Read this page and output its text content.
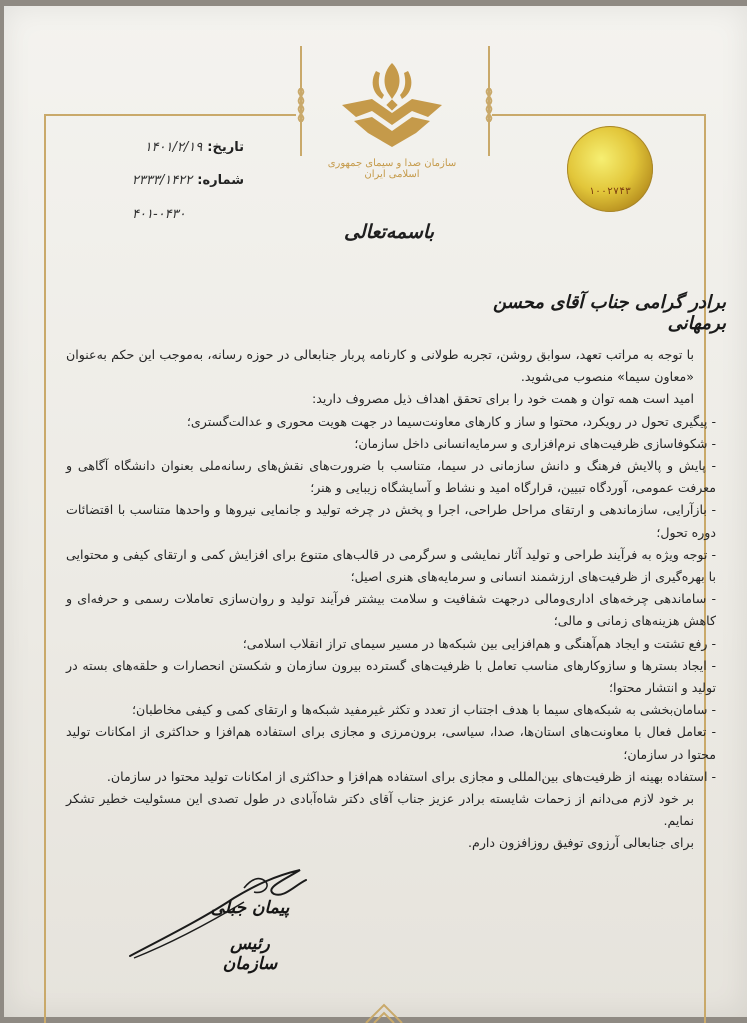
سازمان صدا و سیمای جمهوری اسلامی ایران
تاریخ: ۱۴۰۱/۲/۱۹
شماره: ۲۳۳۳/۱۴۲۲
۴۰۱-۰۴۳۰
۱۰۰۲۷۴۳
باسمه‌تعالی
برادر گرامی جناب آقای محسن برمهانی

با توجه به مراتب تعهد، سوابق روشن، تجربه طولانی و کارنامه پربار جنابعالی در حوزه رسانه، به‌موجب این حکم به‌عنوان «معاون سیما» منصوب می‌شوید.

امید است همه توان و همت خود را برای تحقق اهداف ذیل مصروف دارید:

- پیگیری تحول در رویکرد، محتوا و ساز و کارهای معاونت‌سیما در جهت هویت محوری و عدالت‌گستری؛

- شکوفاسازی ظرفیت‌های نرم‌افزاری و سرمایه‌انسانی داخل سازمان؛

- پایش و پالایش فرهنگ و دانش سازمانی در سیما، متناسب با ضرورت‌های نقش‌های رسانه‌ملی بعنوان دانشگاه آگاهی و معرفت عمومی، آوردگاه تبیین، قرارگاه امید و نشاط و آسایشگاه زیبایی و هنر؛

- بازآرایی، سازماندهی و ارتقای مراحل طراحی، اجرا و پخش در چرخه تولید و جانمایی نیروها و واحدها متناسب با اقتضائات دوره تحول؛

- توجه ویژه به فرآیند طراحی و تولید آثار نمایشی و سرگرمی در قالب‌های متنوع برای افزایش کمی و ارتقای کیفی و محتوایی با بهره‌گیری از ظرفیت‌های ارزشمند انسانی و سرمایه‌های هنری اصیل؛

- ساماندهی چرخه‌های اداری‌ومالی درجهت شفافیت و سلامت بیشتر فرآیند تولید و روان‌سازی تعاملات رسمی و حرفه‌ای و کاهش هزینه‌های زمانی و مالی؛

- رفع تشتت و ایجاد هم‌آهنگی و هم‌افزایی بین شبکه‌ها در مسیر سیمای تراز انقلاب اسلامی؛

- ایجاد بسترها و سازوکارهای مناسب تعامل با ظرفیت‌های گسترده بیرون سازمان و شکستن انحصارات و حلقه‌های بسته در تولید و انتشار محتوا؛

- سامان‌بخشی به شبکه‌های سیما با هدف اجتناب از تعدد و تکثر غیرمفید شبکه‌ها و ارتقای کمی و کیفی مخاطبان؛

- تعامل فعال با معاونت‌های استان‌ها، صدا، سیاسی، برون‌مرزی و مجازی برای استفاده هم‌افزا و حداکثری از امکانات تولید محتوا در سازمان؛

- استفاده بهینه از ظرفیت‌های بین‌المللی و مجازی برای استفاده هم‌افزا و حداکثری از امکانات تولید محتوا در سازمان.

بر خود لازم می‌دانم از زحمات شایسته برادر عزیز جناب آقای دکتر شاه‌آبادی در طول تصدی این مسئولیت خطیر تشکر نمایم.

برای جنابعالی آرزوی توفیق روزافزون دارم.

پیمان جبلی
رئیس سازمان
